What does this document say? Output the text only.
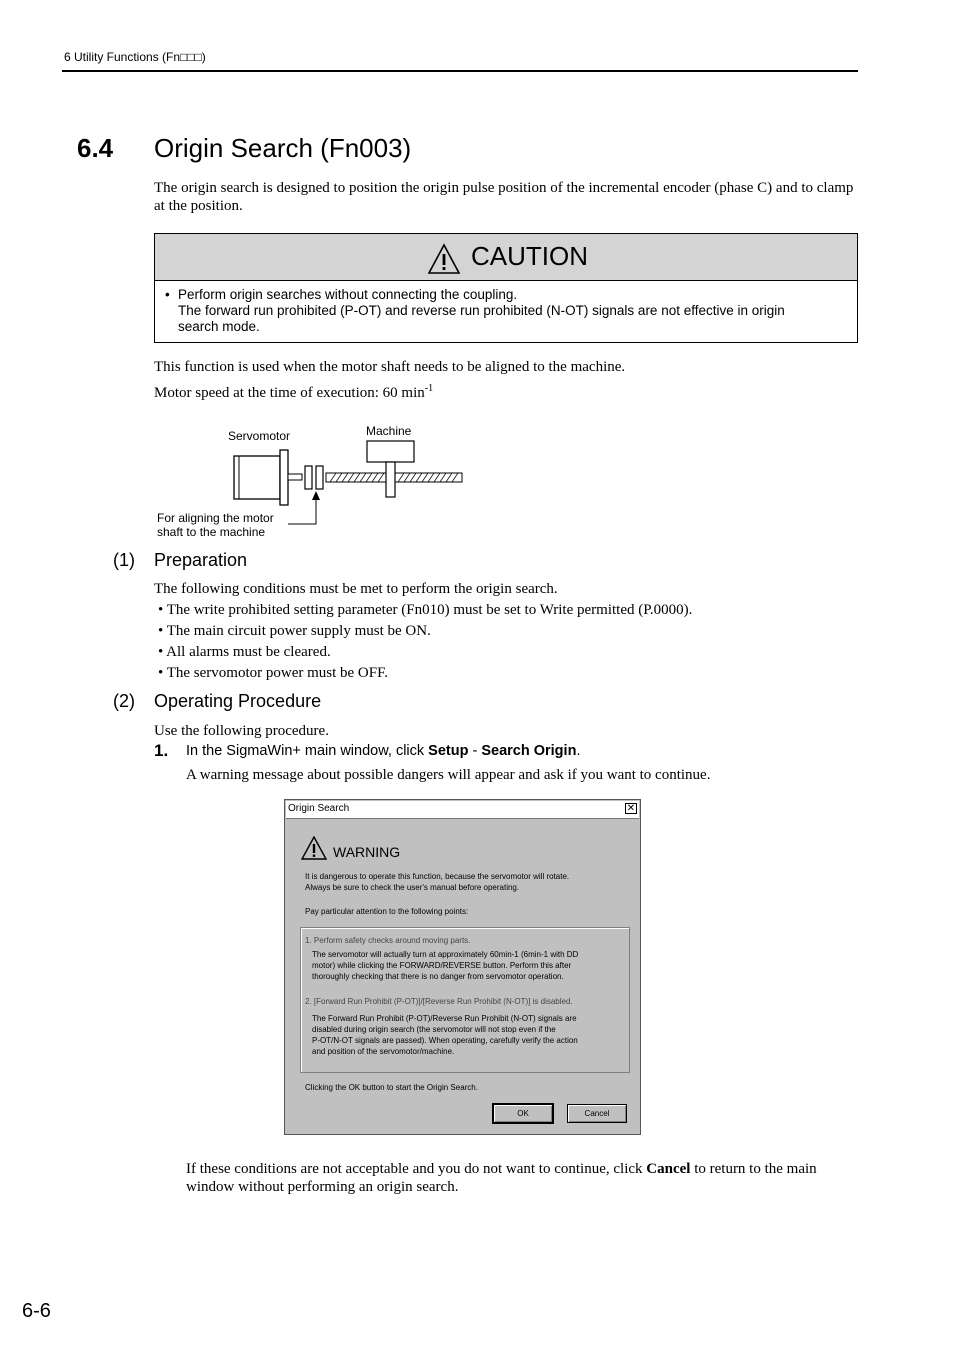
6 Utility Functions (Fn□□□)
6.4 Origin Search (Fn003)
The origin search is designed to position the origin pulse position of the incremental encoder (phase C) and to clamp at the position.
CAUTION
• Perform origin searches without connecting the coupling.
The forward run prohibited (P-OT) and reverse run prohibited (N-OT) signals are not effective in origin
search mode.
This function is used when the motor shaft needs to be aligned to the machine.
Motor speed at the time of execution: 60 $\min^{-1}$
Servomotor	Machine
For aligning the motor
shaft to the machine
(1) Preparation
The following conditions must be met to perform the origin search.
• The write prohibited setting parameter (Fn010) must be set to Write permitted (P.0000).
• The main circuit power supply must be ON.
• All alarms must be cleared.
• The servomotor power must be OFF.
(2) Operating Procedure
Use the following procedure.
1. In the SigmaWin+ main window, click Setup - Search Origin.
A warning message about possible dangers will appear and ask if you want to continue.
Origin Search	✕
WARNING
It is dangerous to operate this function, because the servomotor will rotate.
Always be sure to check the user's manual before operating.
Pay particular attention to the following points:
1. Perform safety checks around moving parts.
The servomotor will actually turn at approximately 60min-1 (6min-1 with DD
motor) while clicking the FORWARD/REVERSE button. Perform this after
thoroughly checking that there is no danger from servomotor operation.
2. [Forward Run Prohibit (P-OT)]/[Reverse Run Prohibit (N-OT)] is disabled.
The Forward Run Prohibit (P-OT)/Reverse Run Prohibit (N-OT) signals are
disabled during origin search (the servomotor will not stop even if the
P-OT/N-OT signals are passed). When operating, carefully verify the action
and position of the servomotor/machine.
Clicking the OK button to start the Origin Search.
OK	Cancel
If these conditions are not acceptable and you do not want to continue, click Cancel to return to the main window without performing an origin search.
6-6
